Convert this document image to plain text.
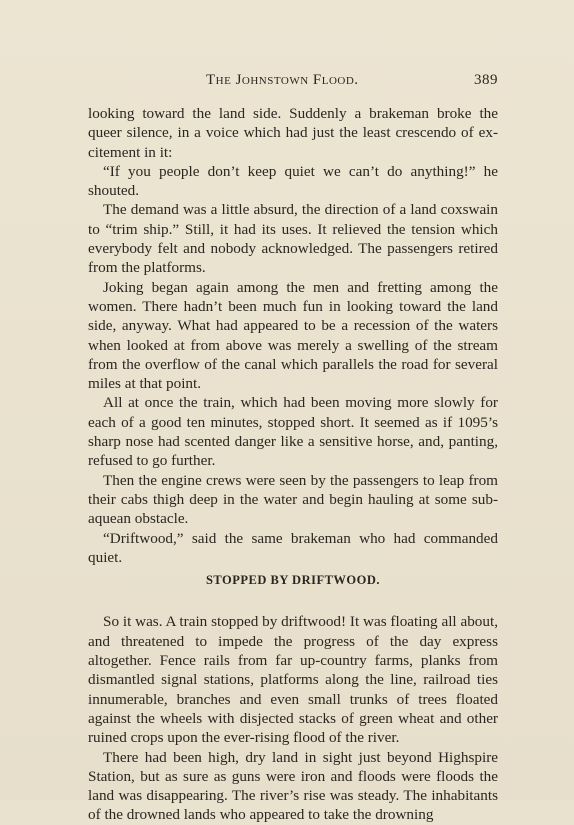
The Johnstown Flood.	389

looking toward the land side. Suddenly a brakeman broke the queer silence, in a voice which had just the least crescendo of excitement in it:

“If you people don’t keep quiet we can’t do anything!” he shouted.

The demand was a little absurd, the direction of a land coxswain to “trim ship.” Still, it had its uses. It relieved the tension which everybody felt and nobody acknowledged. The passengers retired from the platforms.

Joking began again among the men and fretting among the women. There hadn’t been much fun in looking toward the land side, anyway. What had appeared to be a recession of the waters when looked at from above was merely a swelling of the stream from the overflow of the canal which parallels the road for several miles at that point.

All at once the train, which had been moving more slowly for each of a good ten minutes, stopped short. It seemed as if 1095’s sharp nose had scented danger like a sensitive horse, and, panting, refused to go further.

Then the engine crews were seen by the passengers to leap from their cabs thigh deep in the water and begin hauling at some subaquean obstacle.

“Driftwood,” said the same brakeman who had commanded quiet.

STOPPED BY DRIFTWOOD.

So it was. A train stopped by driftwood! It was floating all about, and threatened to impede the progress of the day express altogether. Fence rails from far up-country farms, planks from dismantled signal stations, platforms along the line, railroad ties innumerable, branches and even small trunks of trees floated against the wheels with disjected stacks of green wheat and other ruined crops upon the ever-rising flood of the river.

There had been high, dry land in sight just beyond Highspire Station, but as sure as guns were iron and floods were floods the land was disappearing. The river’s rise was steady. The inhabitants of the drowned lands who appeared to take the drowning
